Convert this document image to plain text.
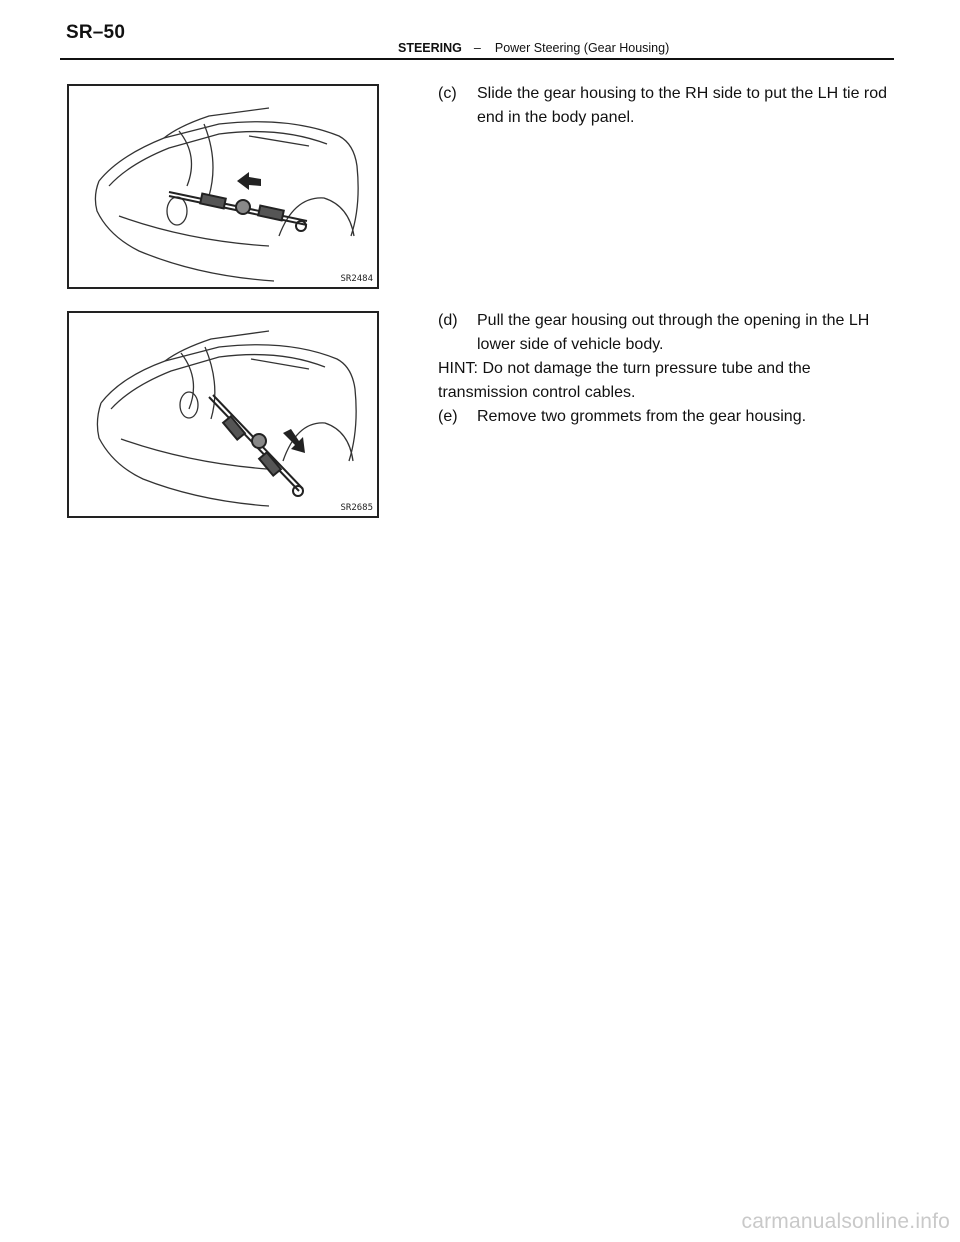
SR–50
STEERING – Power Steering (Gear Housing)
SR2484
SR2685
(c)	Slide the gear housing to the RH side to put the LH tie rod end in the body panel.
(d)	Pull the gear housing out through the opening in the LH lower side of vehicle body.
HINT: Do not damage the turn pressure tube and the transmission control cables.
(e)	Remove two grommets from the gear housing.
carmanualsonline.info
